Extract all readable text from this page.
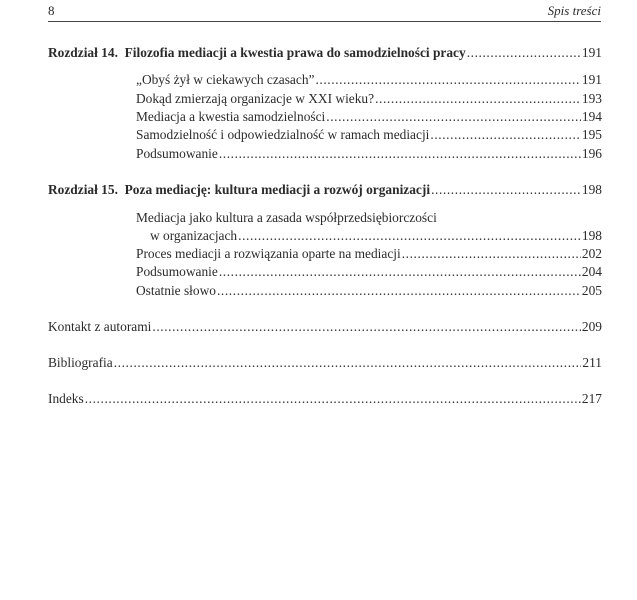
8	Spis treści
Rozdział 14. Filozofia mediacji a kwestia prawa do samodzielności pracy .....	191
„Obyś żył w ciekawych czasach” .....	191
Dokąd zmierzają organizacje w XXI wieku? .....	193
Mediacja a kwestia samodzielności .....	194
Samodzielność i odpowiedzialność w ramach mediacji .....	195
Podsumowanie .....	196
Rozdział 15. Poza mediację: kultura mediacji a rozwój organizacji .....	198
Mediacja jako kultura a zasada współprzedsiębiorczości
w organizacjach .....	198
Proces mediacji a rozwiązania oparte na mediacji .....	202
Podsumowanie .....	204
Ostatnie słowo .....	205
Kontakt z autorami .....	209
Bibliografia .....	211
Indeks .....	217
